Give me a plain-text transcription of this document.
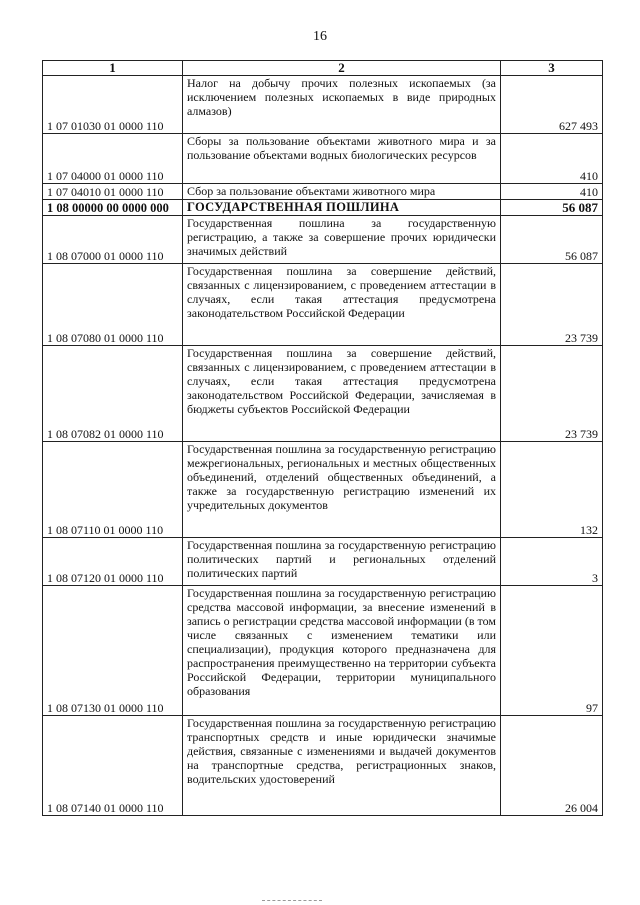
16
1	2	3
1 07 01030 01 0000 110	Налог на добычу прочих полезных ископаемых (за исключением полезных ископаемых в виде природных алмазов)	627 493
1 07 04000 01 0000 110	Сборы за пользование объектами животного мира и за пользование объектами водных биологических ресурсов	410
1 07 04010 01 0000 110	Сбор за пользование объектами животного мира	410
1 08 00000 00 0000 000	ГОСУДАРСТВЕННАЯ ПОШЛИНА	56 087
1 08 07000 01 0000 110	Государственная пошлина за государственную регистрацию, а также за совершение прочих юридически значимых действий	56 087
1 08 07080 01 0000 110	Государственная пошлина за совершение действий, связанных с лицензированием, с проведением аттестации в случаях, если такая аттестация предусмотрена законодательством Российской Федерации	23 739
1 08 07082 01 0000 110	Государственная пошлина за совершение действий, связанных с лицензированием, с проведением аттестации в случаях, если такая аттестация предусмотрена законодательством Российской Федерации, зачисляемая в бюджеты субъектов Российской Федерации	23 739
1 08 07110 01 0000 110	Государственная пошлина за государственную регистрацию межрегиональных, региональных и местных общественных объединений, отделений общественных объединений, а также за государственную регистрацию изменений их учредительных документов	132
1 08 07120 01 0000 110	Государственная пошлина за государственную регистрацию политических партий и региональных отделений политических партий	3
1 08 07130 01 0000 110	Государственная пошлина за государственную регистрацию средства массовой информации, за внесение изменений в запись о регистрации средства массовой информации (в том числе связанных с изменением тематики или специализации), продукция которого предназначена для распространения преимущественно на территории субъекта Российской Федерации, территории муниципального образования	97
1 08 07140 01 0000 110	Государственная пошлина за государственную регистрацию транспортных средств и иные юридически значимые действия, связанные с изменениями и выдачей документов на транспортные средства, регистрационных знаков, водительских удостоверений	26 004
